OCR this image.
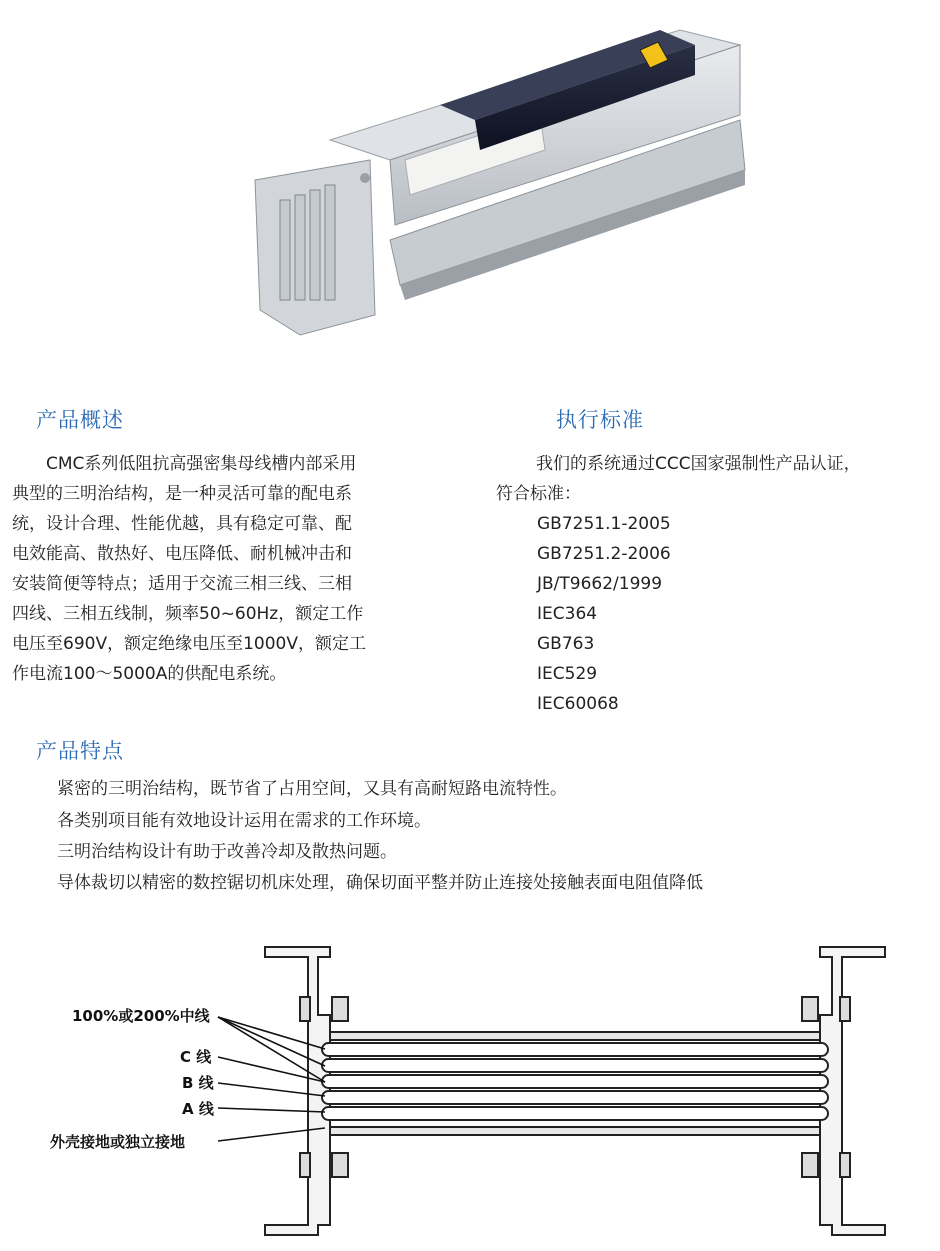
产品概述

　　CMC系列低阻抗高强密集母线槽内部采用

典型的三明治结构，是一种灵活可靠的配电系

统，设计合理、性能优越，具有稳定可靠、配

电效能高、散热好、电压降低、耐机械冲击和

安装简便等特点；适用于交流三相三线、三相

四线、三相五线制，频率50~60Hz，额定工作

电压至690V，额定绝缘电压至1000V，额定工

作电流100～5000A的供配电系统。

执行标准
我们的系统通过CCC国家强制性产品认证，
符合标准：
GB7251.1-2005
GB7251.2-2006
JB/T9662/1999
IEC364
GB763
IEC529
IEC60068
产品特点
紧密的三明治结构，既节省了占用空间，又具有高耐短路电流特性。
各类别项目能有效地设计运用在需求的工作环境。
三明治结构设计有助于改善冷却及散热问题。
导体裁切以精密的数控锯切机床处理，确保切面平整并防止连接处接触表面电阻值降低
100%或200%中线
C 线
B 线
A 线
外壳接地或独立接地
